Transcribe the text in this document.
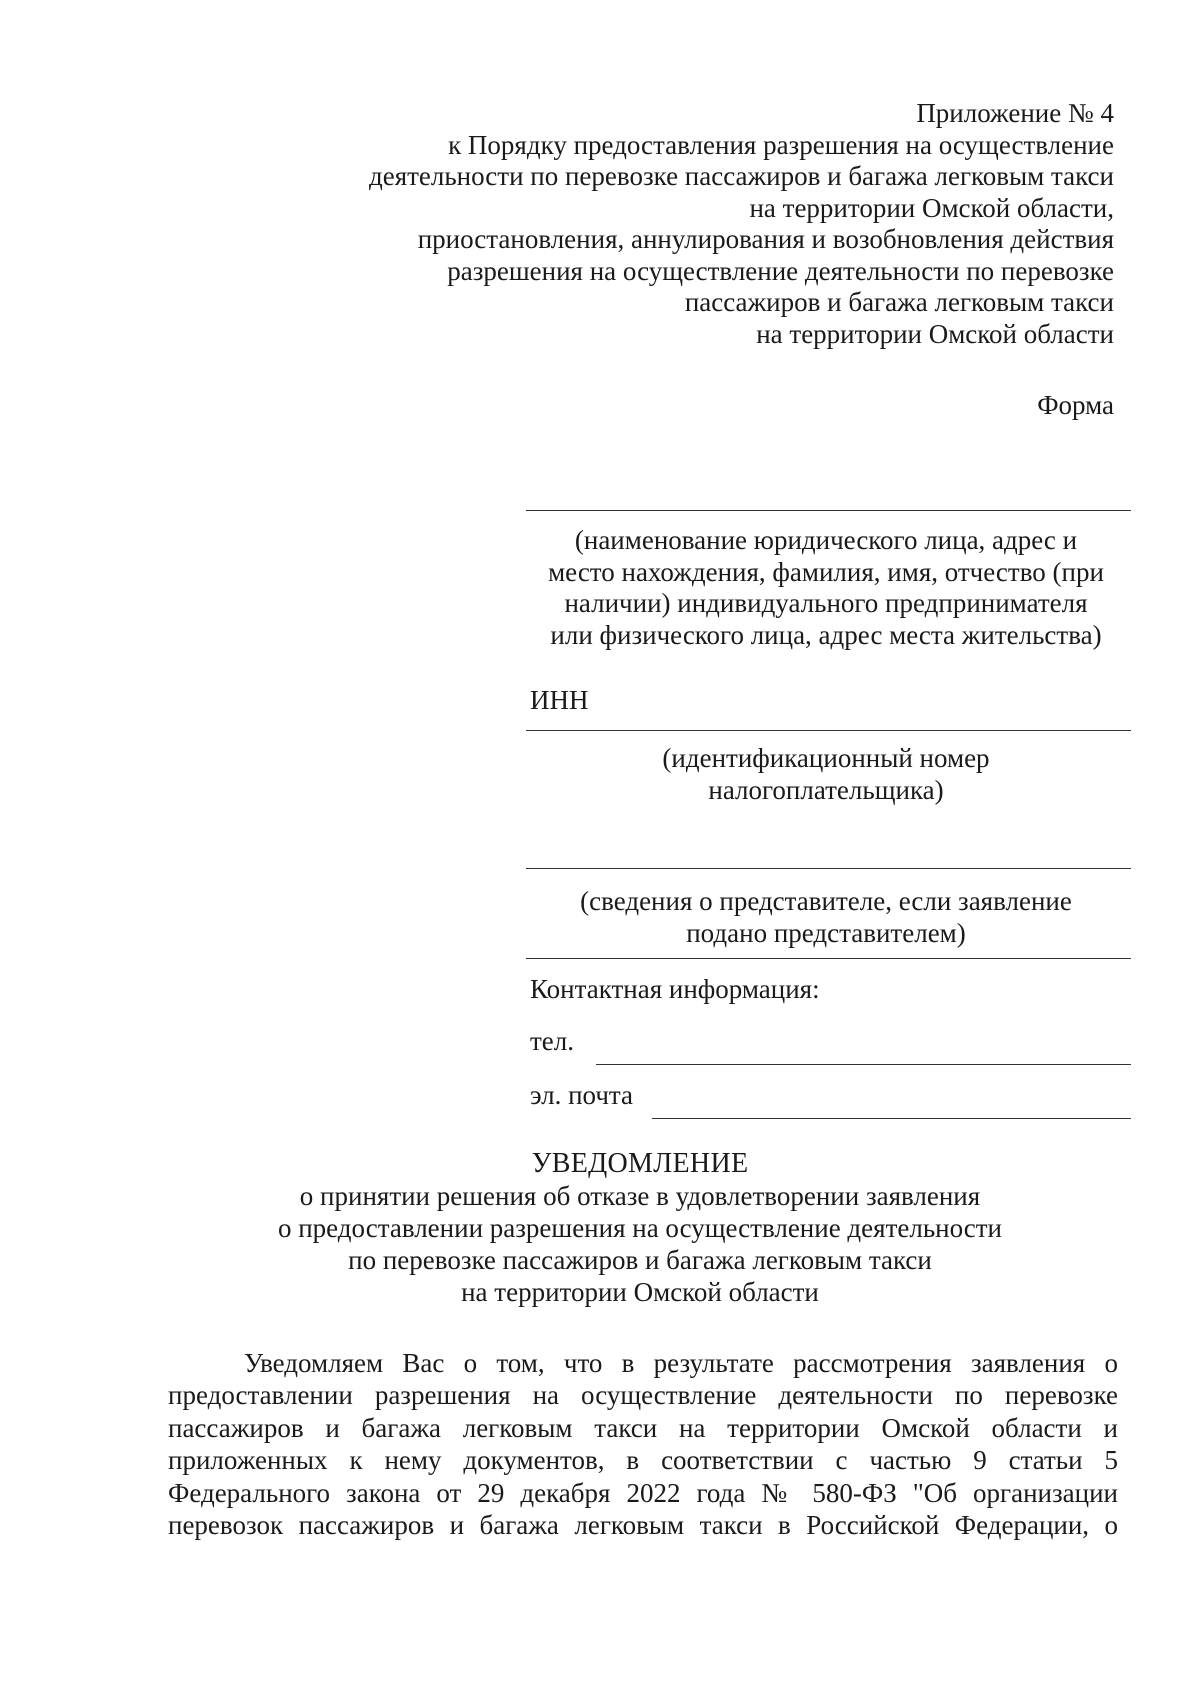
Приложение № 4
к Порядку предоставления разрешения на осуществление
деятельности по перевозке пассажиров и багажа легковым такси
на территории Омской области,
приостановления, аннулирования и возобновления действия
разрешения на осуществление деятельности по перевозке
пассажиров и багажа легковым такси
на территории Омской области
Форма
(наименование юридического лица, адрес и
место нахождения, фамилия, имя, отчество (при
наличии) индивидуального предпринимателя
или физического лица, адрес места жительства)
ИНН
(идентификационный номер
налогоплательщика)
(сведения о представителе, если заявление
подано представителем)
Контактная информация:
тел.
эл. почта
УВЕДОМЛЕНИЕ
о принятии решения об отказе в удовлетворении заявления
о предоставлении разрешения на осуществление деятельности
по перевозке пассажиров и багажа легковым такси
на территории Омской области
Уведомляем Вас о том, что в результате рассмотрения заявления о
предоставлении разрешения на осуществление деятельности по перевозке
пассажиров и багажа легковым такси на территории Омской области и
приложенных к нему документов, в соответствии с частью 9 статьи 5
Федерального закона от 29 декабря 2022 года № 580-ФЗ "Об организации
перевозок пассажиров и багажа легковым такси в Российской Федерации, о
